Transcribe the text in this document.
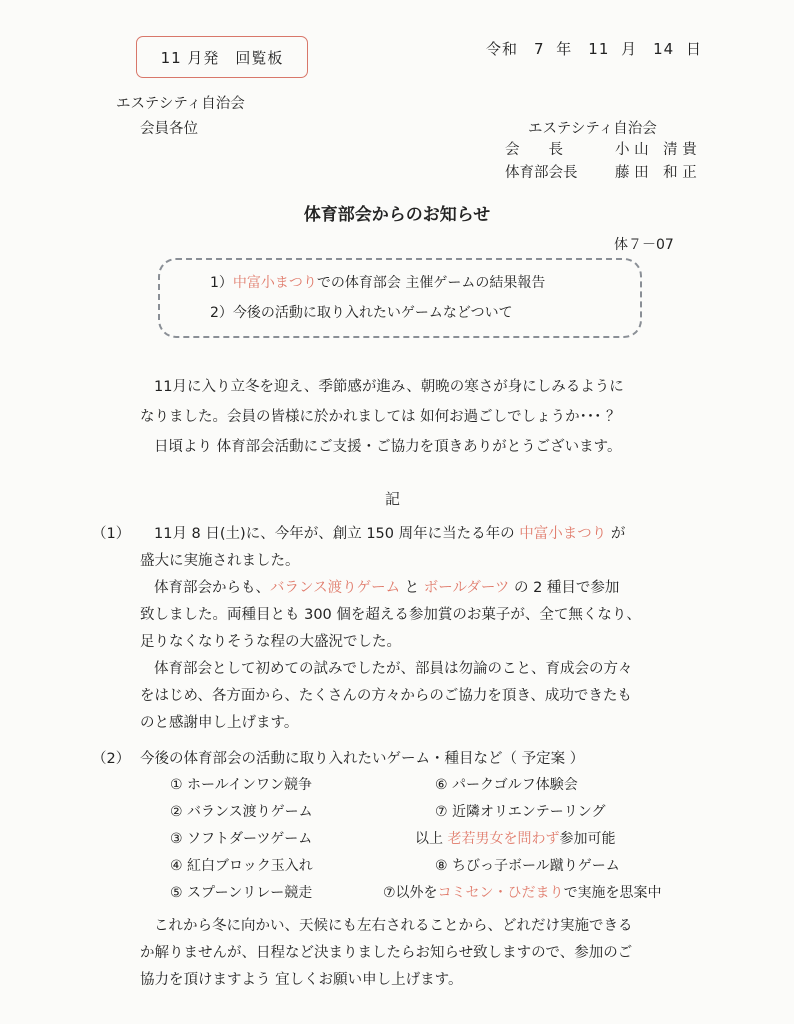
11 月発　回覧板	令和　7 年　11 月　14 日
エステシティ自治会
会員各位	エステシティ自治会
会　　長	小 山　清 貴
体育部会長	藤 田　和 正
体育部会からのお知らせ
体７－07
1）中富小まつりでの体育部会 主催ゲームの結果報告
2）今後の活動に取り入れたいゲームなどついて
11月に入り立冬を迎え、季節感が進み、朝晩の寒さが身にしみるように
なりました。会員の皆様に於かれましては 如何お過ごしでしょうか･･･ ？
日頃より 体育部会活動にご支援・ご協力を頂きありがとうございます。
記
（1） 11月 8 日(土)に、今年が、創立 150 周年に当たる年の 中富小まつり が
盛大に実施されました。
体育部会からも、バランス渡りゲーム と ボールダーツ の 2 種目で参加
致しました。両種目とも 300 個を超える参加賞のお菓子が、全て無くなり、
足りなくなりそうな程の大盛況でした。
体育部会として初めての試みでしたが、部員は勿論のこと、育成会の方々
をはじめ、各方面から、たくさんの方々からのご協力を頂き、成功できたも
のと感謝申し上げます。
（2） 今後の体育部会の活動に取り入れたいゲーム・種目など（ 予定案 ）
① ホールインワン競争
② バランス渡りゲーム
③ ソフトダーツゲーム
④ 紅白ブロック玉入れ
⑤ スプーンリレー競走
⑥ パークゴルフ体験会
⑦ 近隣オリエンテーリング
以上 老若男女を問わず参加可能
⑧ ちびっ子ボール蹴りゲーム
⑦以外をコミセン・ひだまりで実施を思案中
これから冬に向かい、天候にも左右されることから、どれだけ実施できる
か解りませんが、日程など決まりましたらお知らせ致しますので、参加のご
協力を頂けますよう 宜しくお願い申し上げます。
